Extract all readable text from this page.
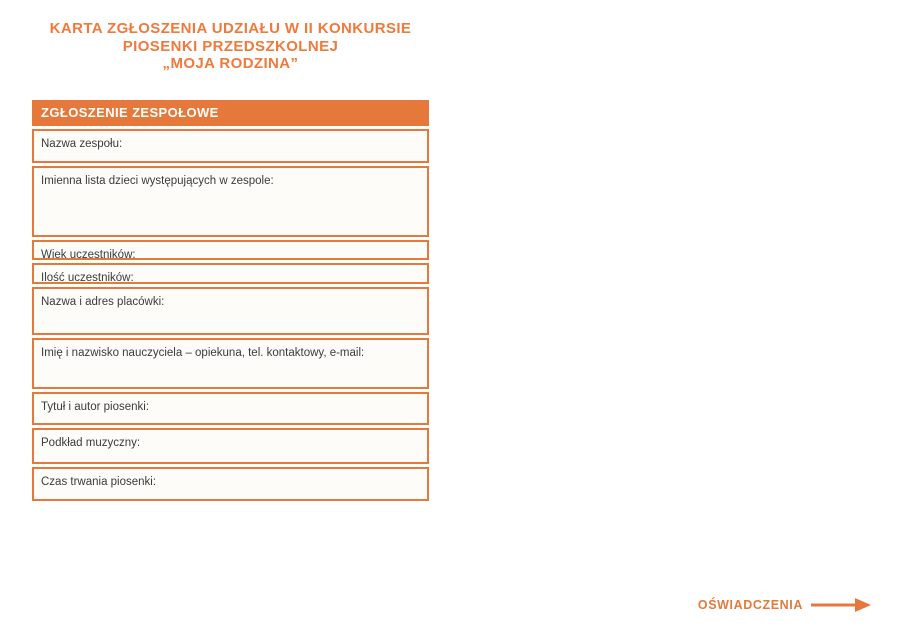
KARTA ZGŁOSZENIA UDZIAŁU W II KONKURSIE
PIOSENKI PRZEDSZKOLNEJ
„MOJA RODZINA”
ZGŁOSZENIE ZESPOŁOWE
Nazwa zespołu:
Imienna lista dzieci występujących w zespole:
Wiek uczestników:
Ilość uczestników:
Nazwa i adres placówki:
Imię i nazwisko nauczyciela – opiekuna, tel. kontaktowy, e-mail:
Tytuł i autor piosenki:
Podkład muzyczny:
Czas trwania piosenki:
OŚWIADCZENIA
